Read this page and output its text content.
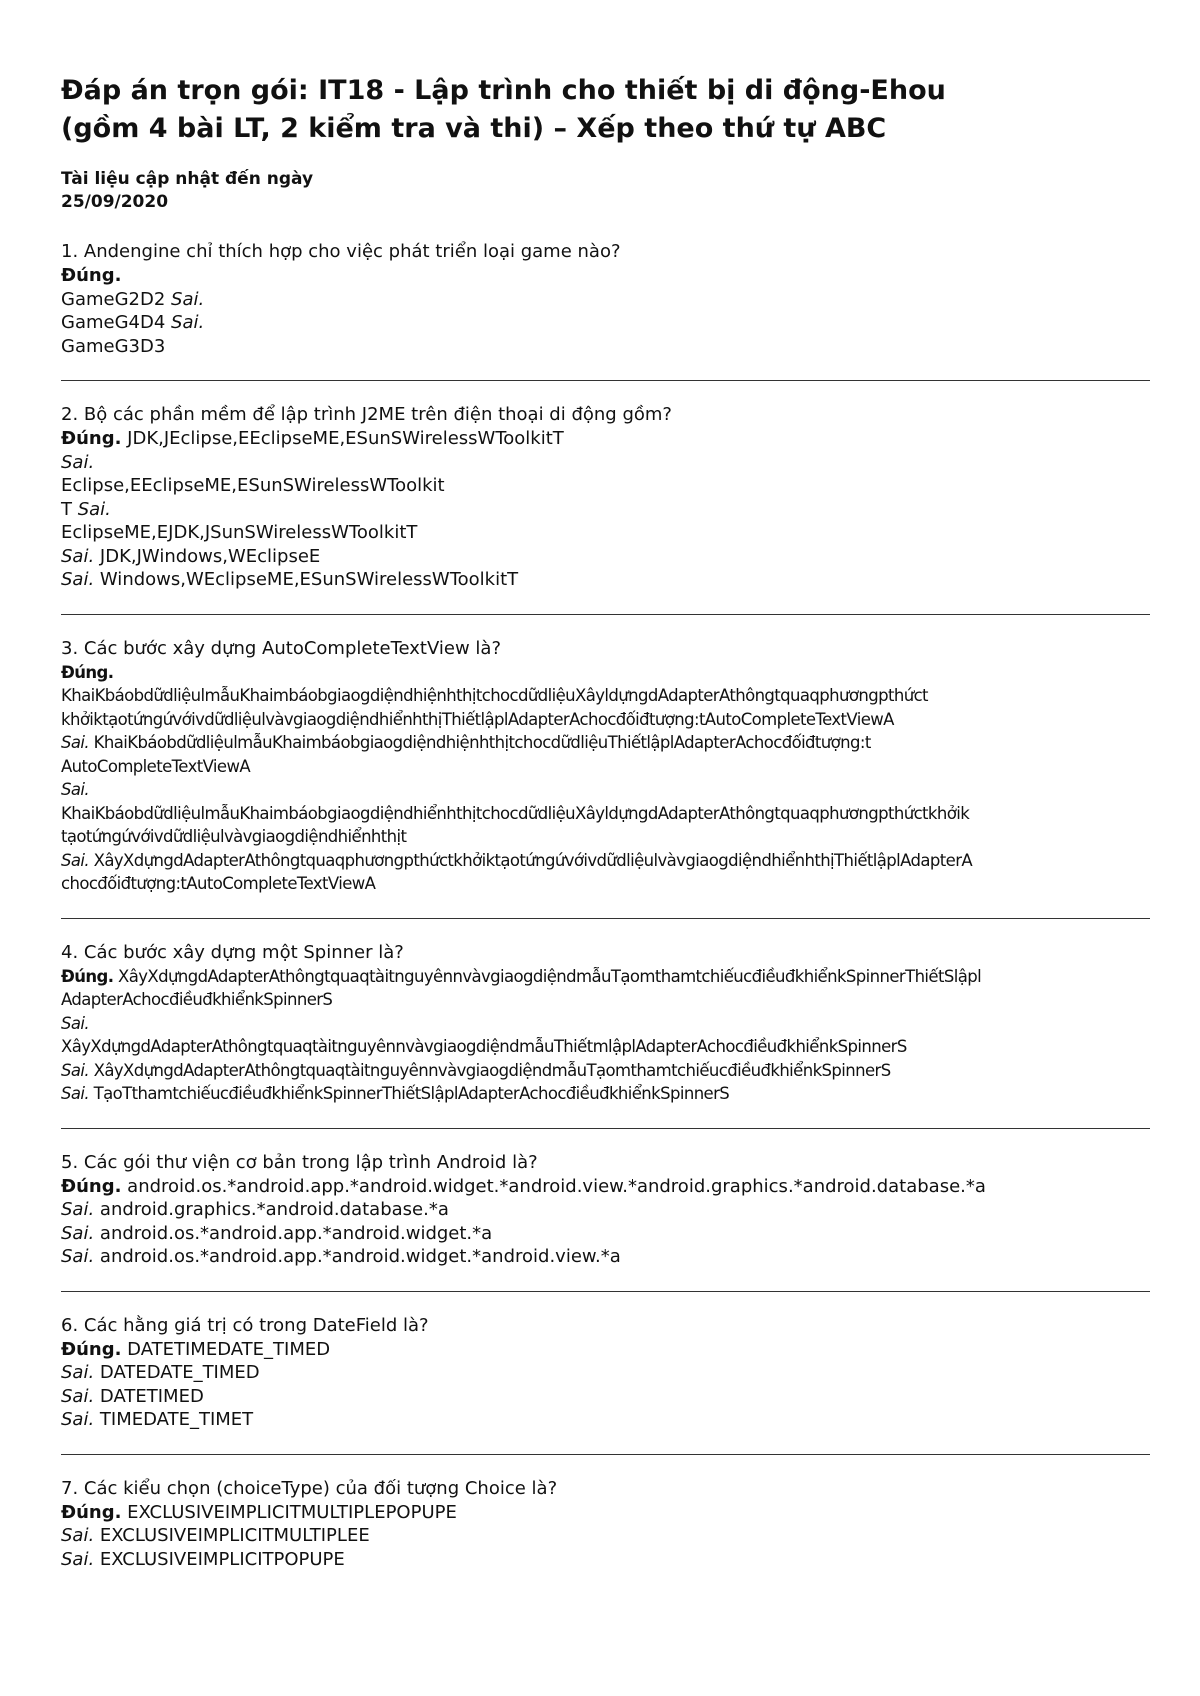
Đáp án trọn gói: IT18 - Lập trình cho thiết bị di động-Ehou
(gồm 4 bài LT, 2 kiểm tra và thi) – Xếp theo thứ tự ABC

Tài liệu cập nhật đến ngày
25/09/2020

1. Andengine chỉ thích hợp cho việc phát triển loại game nào?

Đúng.
GameG2D2 Sai.
GameG4D4 Sai.
GameG3D3

2. Bộ các phần mềm để lập trình J2ME trên điện thoại di động gồm?

Đúng. JDK,JEclipse,EEclipseME,ESunSWirelessWToolkitT
Sai.
Eclipse,EEclipseME,ESunSWirelessWToolkit
T Sai.
EclipseME,EJDK,JSunSWirelessWToolkitT
Sai. JDK,JWindows,WEclipseE
Sai. Windows,WEclipseME,ESunSWirelessWToolkitT

3. Các bước xây dựng AutoCompleteTextView là?

Đúng.
KhaiKbáobdữdliệulmẫuKhaimbáobgiaogdiệndhiệnhthịtchocdữdliệuXâyldựngdAdapterAthôngtquaqphươngpthứct
khởiktạotứngứvớivdữdliệulvàvgiaogdiệndhiểnhthịThiếtlậplAdapterAchocđốiđtượng:tAutoCompleteTextViewA
Sai. KhaiKbáobdữdliệulmẫuKhaimbáobgiaogdiệndhiệnhthịtchocdữdliệuThiếtlậplAdapterAchocđốiđtượng:t
AutoCompleteTextViewA
Sai.
KhaiKbáobdữdliệulmẫuKhaimbáobgiaogdiệndhiểnhthịtchocdữdliệuXâyldựngdAdapterAthôngtquaqphươngpthứctkhởik
tạotứngứvớivdữdliệulvàvgiaogdiệndhiểnhthịt
Sai. XâyXdựngdAdapterAthôngtquaqphươngpthứctkhởiktạotứngứvớivdữdliệulvàvgiaogdiệndhiểnhthịThiếtlậplAdapterA
chocđốiđtượng:tAutoCompleteTextViewA

4. Các bước xây dựng một Spinner là?

Đúng. XâyXdựngdAdapterAthôngtquaqtàitnguyênnvàvgiaogdiệndmẫuTạomthamtchiếucđiềuđkhiểnkSpinnerThiếtSlậpl
AdapterAchocđiềuđkhiểnkSpinnerS
Sai.
XâyXdựngdAdapterAthôngtquaqtàitnguyênnvàvgiaogdiệndmẫuThiếtmlậplAdapterAchocđiềuđkhiểnkSpinnerS
Sai. XâyXdựngdAdapterAthôngtquaqtàitnguyênnvàvgiaogdiệndmẫuTạomthamtchiếucđiềuđkhiểnkSpinnerS
Sai. TạoTthamtchiếucđiềuđkhiểnkSpinnerThiếtSlậplAdapterAchocđiềuđkhiểnkSpinnerS

5. Các gói thư viện cơ bản trong lập trình Android là?

Đúng. android.os.*android.app.*android.widget.*android.view.*android.graphics.*android.database.*a
Sai. android.graphics.*android.database.*a
Sai. android.os.*android.app.*android.widget.*a
Sai. android.os.*android.app.*android.widget.*android.view.*a

6. Các hằng giá trị có trong DateField là?

Đúng. DATETIMEDATE_TIMED
Sai. DATEDATE_TIMED
Sai. DATETIMED
Sai. TIMEDATE_TIMET

7. Các kiểu chọn (choiceType) của đối tượng Choice là?

Đúng. EXCLUSIVEIMPLICITMULTIPLEPOPUPE
Sai. EXCLUSIVEIMPLICITMULTIPLEE
Sai. EXCLUSIVEIMPLICITPOPUPE
